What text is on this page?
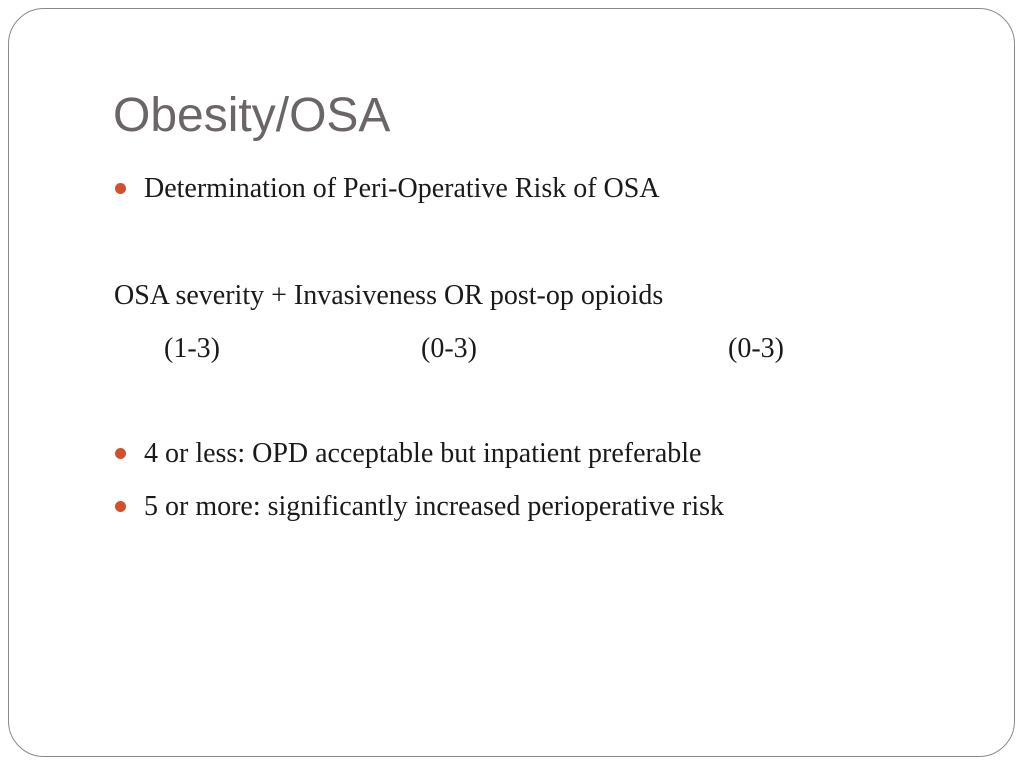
Obesity/OSA
Determination of Peri-Operative Risk of OSA
OSA severity + Invasiveness OR post-op opioids
(1-3)	(0-3)	(0-3)
4 or less: OPD acceptable but inpatient preferable
5 or more: significantly increased perioperative risk
